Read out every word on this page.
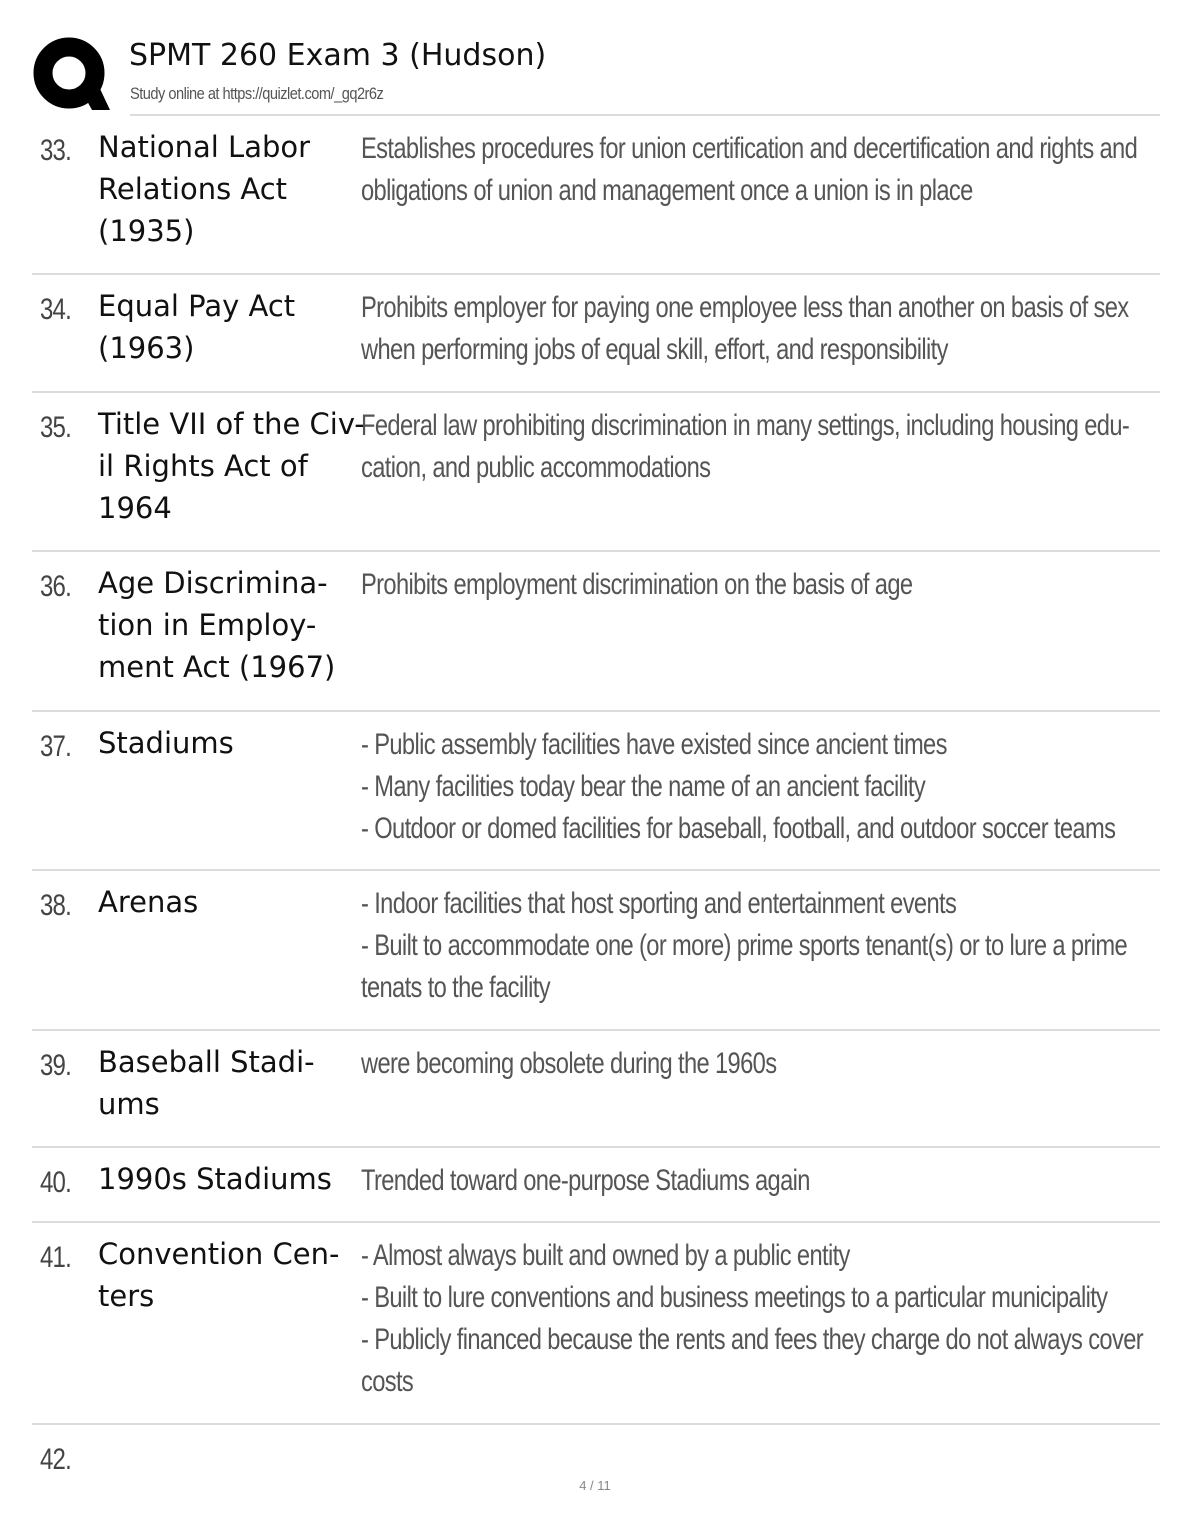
SPMT 260 Exam 3 (Hudson)
Study online at https://quizlet.com/_gq2r6z
33. National Labor
Relations Act
(1935)
Establishes procedures for union certification and decertification and rights and
obligations of union and management once a union is in place
34. Equal Pay Act
(1963)
Prohibits employer for paying one employee less than another on basis of sex
when performing jobs of equal skill, effort, and responsibility
35. Title VII of the Civ-
il Rights Act of
1964
Federal law prohibiting discrimination in many settings, including housing edu-
cation, and public accommodations
36. Age Discrimina-
tion in Employ-
ment Act (1967)
Prohibits employment discrimination on the basis of age
37. Stadiums	- Public assembly facilities have existed since ancient times
- Many facilities today bear the name of an ancient facility
- Outdoor or domed facilities for baseball, football, and outdoor soccer teams
38. Arenas	- Indoor facilities that host sporting and entertainment events
- Built to accommodate one (or more) prime sports tenant(s) or to lure a prime
tenats to the facility
39. Baseball Stadi-
ums
were becoming obsolete during the 1960s
40. 1990s Stadiums Trended toward one-purpose Stadiums again
41. Convention Cen-
ters
- Almost always built and owned by a public entity
- Built to lure conventions and business meetings to a particular municipality
- Publicly financed because the rents and fees they charge do not always cover
costs
42.
4 / 11
